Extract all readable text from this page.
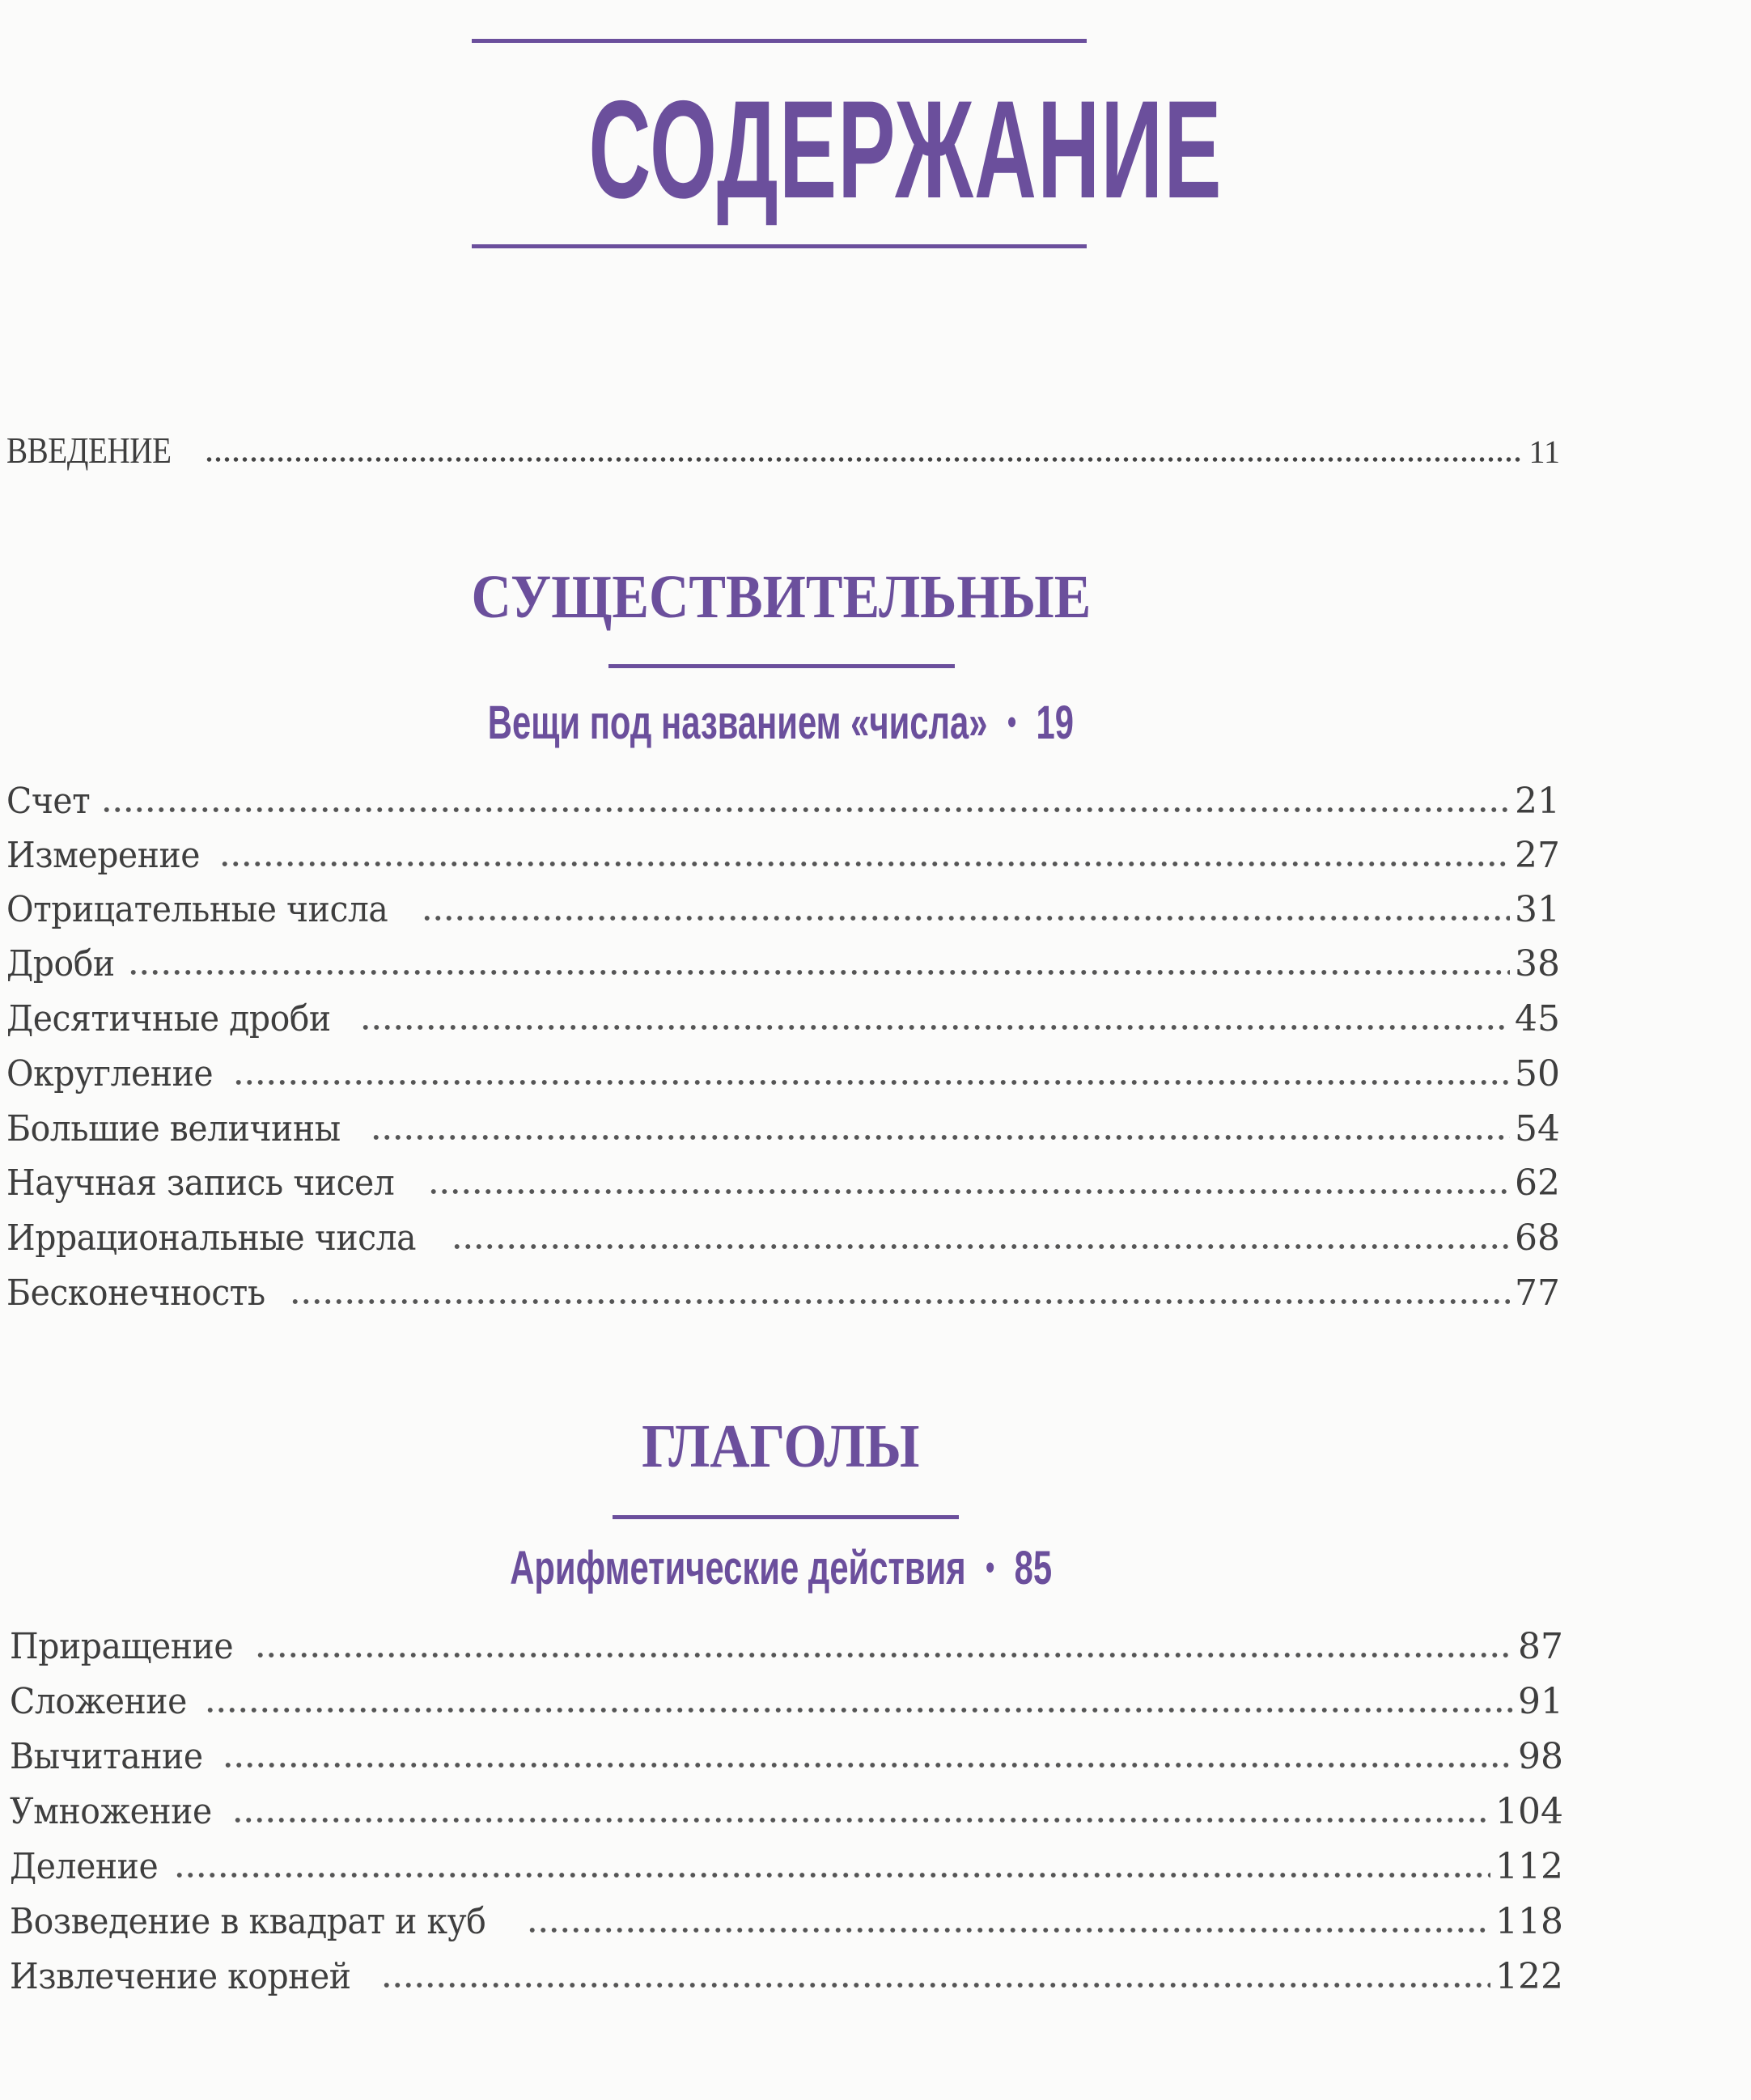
СОДЕРЖАНИЕ
ВВЕДЕНИЕ	11
СУЩЕСТВИТЕЛЬНЫЕ
Вещи под названием «числа» • 19
Счет	21
Измерение	27
Отрицательные числа	31
Дроби	38
Десятичные дроби	45
Округление	50
Большие величины	54
Научная запись чисел	62
Иррациональные числа	68
Бесконечность	77
ГЛАГОЛЫ
Арифметические действия • 85
Приращение	87
Сложение	91
Вычитание	98
Умножение	104
Деление	112
Возведение в квадрат и куб	118
Извлечение корней	122
